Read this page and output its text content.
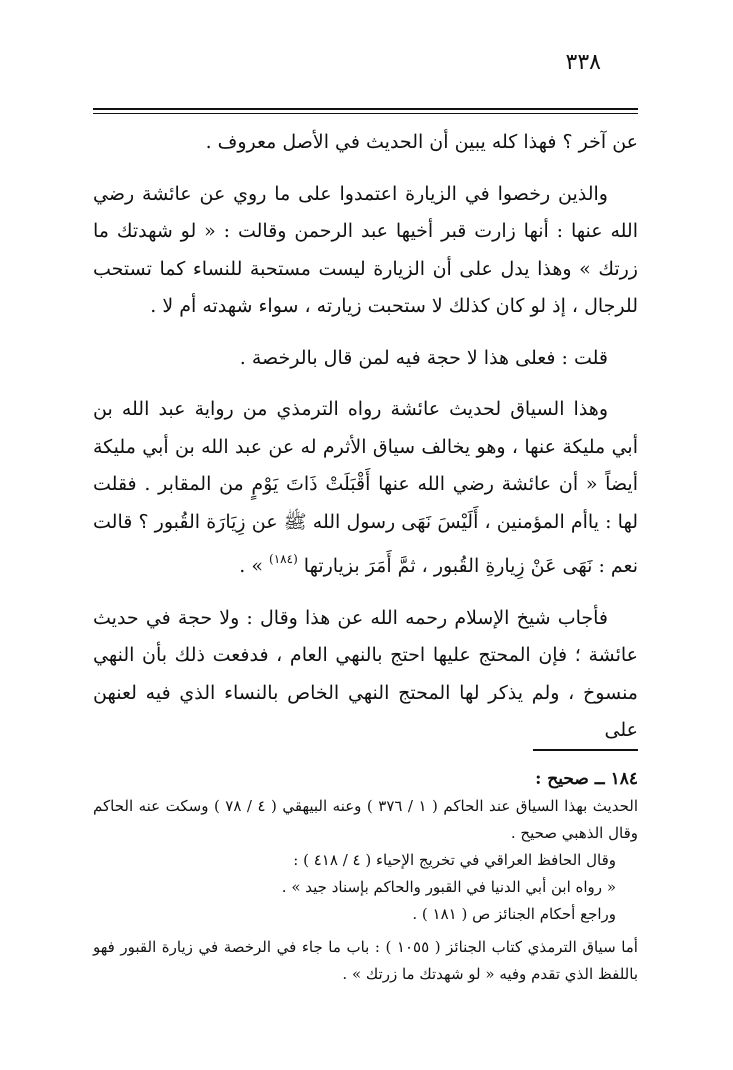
٣٣٨

عن آخر ؟ فهذا كله يبين أن الحديث في الأصل معروف .

والذين رخصوا في الزيارة اعتمدوا على ما روي عن عائشة رضي الله عنها : أنها زارت قبر أخيها عبد الرحمن وقالت : « لو شهدتك ما زرتك » وهذا يدل على أن الزيارة ليست مستحبة للنساء كما تستحب للرجال ، إذ لو كان كذلك لا ستحبت زيارته ، سواء شهدته أم لا .

قلت : فعلى هذا لا حجة فيه لمن قال بالرخصة .

وهذا السياق لحديث عائشة رواه الترمذي من رواية عبد الله بن أبي مليكة عنها ، وهو يخالف سياق الأثرم له عن عبد الله بن أبي مليكة أيضاً « أن عائشة رضي الله عنها أَقْبَلَتْ ذَاتَ يَوْمٍ من المقابر . فقلت لها : ياأم المؤمنين ، أَلَيْسَ نَهَى رسول الله ﷺ عن زِيَارَة القُبور ؟ قالت نعم : نَهَى عَنْ زِيارةِ القُبور ، ثمَّ أَمَرَ بزيارتها $^{(١٨٤)}$ » .

فأجاب شيخ الإسلام رحمه الله عن هذا وقال : ولا حجة في حديث عائشة ؛ فإن المحتج عليها احتج بالنهي العام ، فدفعت ذلك بأن النهي منسوخ ، ولم يذكر لها المحتج النهي الخاص بالنساء الذي فيه لعنهن على

١٨٤ ــ صحيح :

الحديث بهذا السياق عند الحاكم ( ١ / ٣٧٦ ) وعنه البيهقي ( ٤ / ٧٨ ) وسكت عنه الحاكم وقال الذهبي صحيح .

وقال الحافظ العراقي في تخريج الإحياء ( ٤ / ٤١٨ ) :

« رواه ابن أبي الدنيا في القبور والحاكم بإسناد جيد » .

وراجع أحكام الجنائز ص ( ١٨١ ) .

أما سياق الترمذي كتاب الجنائز ( ١٠٥٥ ) : باب ما جاء في الرخصة في زيارة القبور فهو باللفظ الذي تقدم وفيه « لو شهدتك ما زرتك » .
